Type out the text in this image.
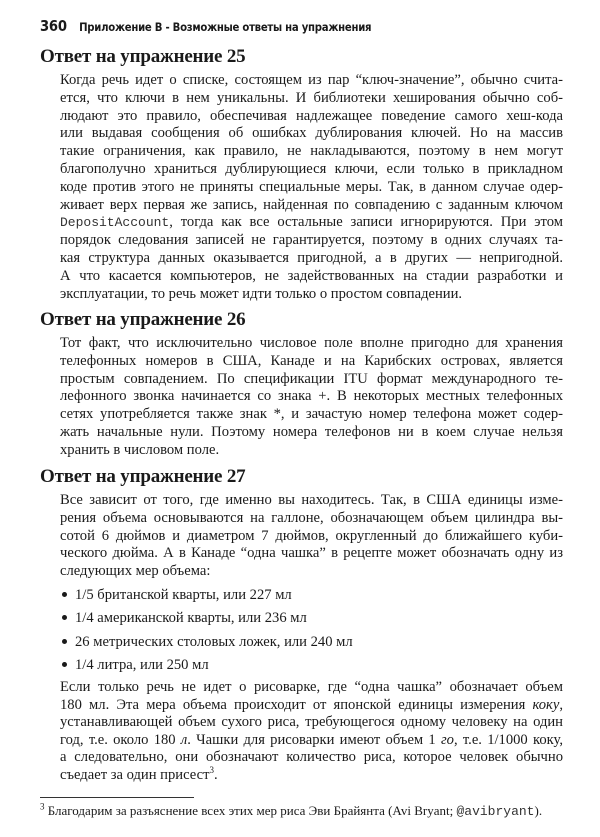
360 Приложение B - Возможные ответы на упражнения
Ответ на упражнение 25
Когда речь идет о списке, состоящем из пар “ключ-значение”, обычно счита-
ется, что ключи в нем уникальны. И библиотеки хеширования обычно соб-
людают это правило, обеспечивая надлежащее поведение самого хеш-кода
или выдавая сообщения об ошибках дублирования ключей. Но на массив
такие ограничения, как правило, не накладываются, поэтому в нем могут
благополучно храниться дублирующиеся ключи, если только в прикладном
коде против этого не приняты специальные меры. Так, в данном случае одер-
живает верх первая же запись, найденная по совпадению с заданным ключом
DepositAccount, тогда как все остальные записи игнорируются. При этом
порядок следования записей не гарантируется, поэтому в одних случаях та-
кая структура данных оказывается пригодной, а в других — непригодной.
А что касается компьютеров, не задействованных на стадии разработки и
эксплуатации, то речь может идти только о простом совпадении.
Ответ на упражнение 26
Тот факт, что исключительно числовое поле вполне пригодно для хранения
телефонных номеров в США, Канаде и на Карибских островах, является
простым совпадением. По спецификации ITU формат международного те-
лефонного звонка начинается со знака +. В некоторых местных телефонных
сетях употребляется также знак *, и зачастую номер телефона может содер-
жать начальные нули. Поэтому номера телефонов ни в коем случае нельзя
хранить в числовом поле.
Ответ на упражнение 27
Все зависит от того, где именно вы находитесь. Так, в США единицы изме-
рения объема основываются на галлоне, обозначающем объем цилиндра вы-
сотой 6 дюймов и диаметром 7 дюймов, округленный до ближайшего куби-
ческого дюйма. А в Канаде “одна чашка” в рецепте может обозначать одну из
следующих мер объема:
1/5 британской кварты, или 227 мл
1/4 американской кварты, или 236 мл
26 метрических столовых ложек, или 240 мл
1/4 литра, или 250 мл
Если только речь не идет о рисоварке, где “одна чашка” обозначает объем
180 мл. Эта мера объема происходит от японской единицы измерения коку,
устанавливающей объем сухого риса, требующегося одному человеку на один
год, т.е. около 180 л. Чашки для рисоварки имеют объем 1 го, т.е. 1/1000 коку,
а следовательно, они обозначают количество риса, которое человек обычно
съедает за один присест$^3$.
$^3$ Благодарим за разъяснение всех этих мер риса Эви Брайянта (Avi Bryant; @avibryant).
